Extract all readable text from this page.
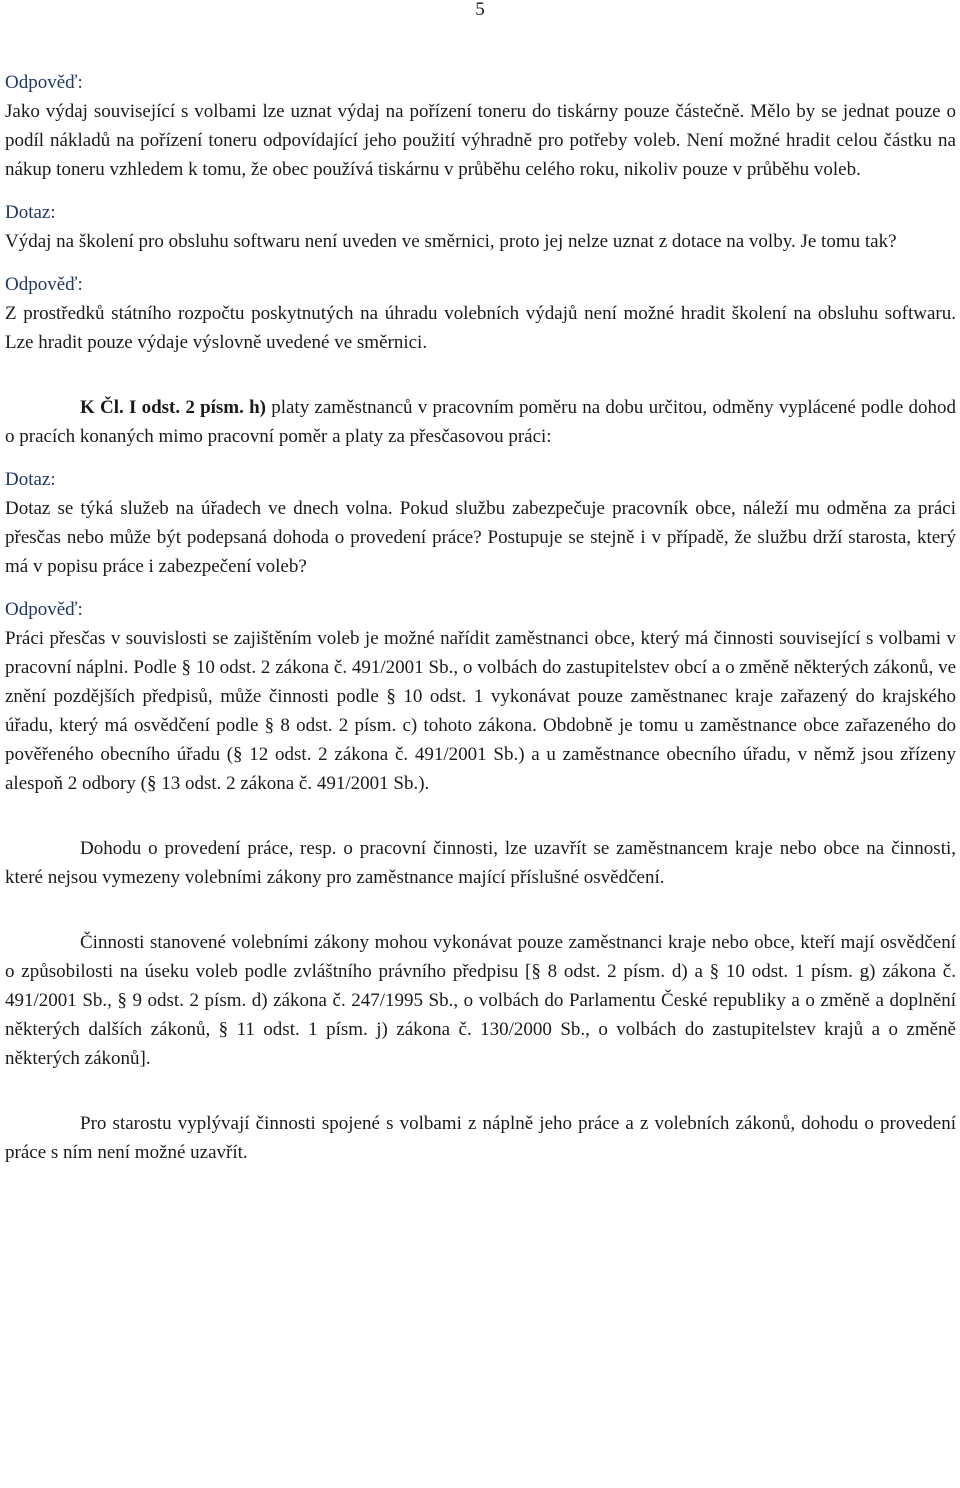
5

Odpověď:

Jako výdaj související s volbami lze uznat výdaj na pořízení toneru do tiskárny pouze částečně. Mělo by se jednat pouze o podíl nákladů na pořízení toneru odpovídající jeho použití výhradně pro potřeby voleb. Není možné hradit celou částku na nákup toneru vzhledem k tomu, že obec používá tiskárnu v průběhu celého roku, nikoliv pouze v průběhu voleb.

Dotaz:

Výdaj na školení pro obsluhu softwaru není uveden ve směrnici, proto jej nelze uznat z dotace na volby. Je tomu tak?

Odpověď:

Z prostředků státního rozpočtu poskytnutých na úhradu volebních výdajů není možné hradit školení na obsluhu softwaru. Lze hradit pouze výdaje výslovně uvedené ve směrnici.

K Čl. I odst. 2 písm. h) platy zaměstnanců v pracovním poměru na dobu určitou, odměny vyplácené podle dohod o pracích konaných mimo pracovní poměr a platy za přesčasovou práci:

Dotaz:

Dotaz se týká služeb na úřadech ve dnech volna. Pokud službu zabezpečuje pracovník obce, náleží mu odměna za práci přesčas nebo může být podepsaná dohoda o provedení práce? Postupuje se stejně i v případě, že službu drží starosta, který má v popisu práce i zabezpečení voleb?

Odpověď:

Práci přesčas v souvislosti se zajištěním voleb je možné nařídit zaměstnanci obce, který má činnosti související s volbami v pracovní náplni. Podle § 10 odst. 2 zákona č. 491/2001 Sb., o volbách do zastupitelstev obcí a o změně některých zákonů, ve znění pozdějších předpisů, může činnosti podle § 10 odst. 1 vykonávat pouze zaměstnanec kraje zařazený do krajského úřadu, který má osvědčení podle § 8 odst. 2 písm. c) tohoto zákona. Obdobně je tomu u zaměstnance obce zařazeného do pověřeného obecního úřadu (§ 12 odst. 2 zákona č. 491/2001 Sb.) a u zaměstnance obecního úřadu, v němž jsou zřízeny alespoň 2 odbory (§ 13 odst. 2 zákona č. 491/2001 Sb.).

Dohodu o provedení práce, resp. o pracovní činnosti, lze uzavřít se zaměstnancem kraje nebo obce na činnosti, které nejsou vymezeny volebními zákony pro zaměstnance mající příslušné osvědčení.

Činnosti stanovené volebními zákony mohou vykonávat pouze zaměstnanci kraje nebo obce, kteří mají osvědčení o způsobilosti na úseku voleb podle zvláštního právního předpisu [§ 8 odst. 2 písm. d) a § 10 odst. 1 písm. g) zákona č. 491/2001 Sb., § 9 odst. 2 písm. d) zákona č. 247/1995 Sb., o volbách do Parlamentu České republiky a o změně a doplnění některých dalších zákonů, § 11 odst. 1 písm. j) zákona č. 130/2000 Sb., o volbách do zastupitelstev krajů a o změně některých zákonů].

Pro starostu vyplývají činnosti spojené s volbami z náplně jeho práce a z volebních zákonů, dohodu o provedení práce s ním není možné uzavřít.
